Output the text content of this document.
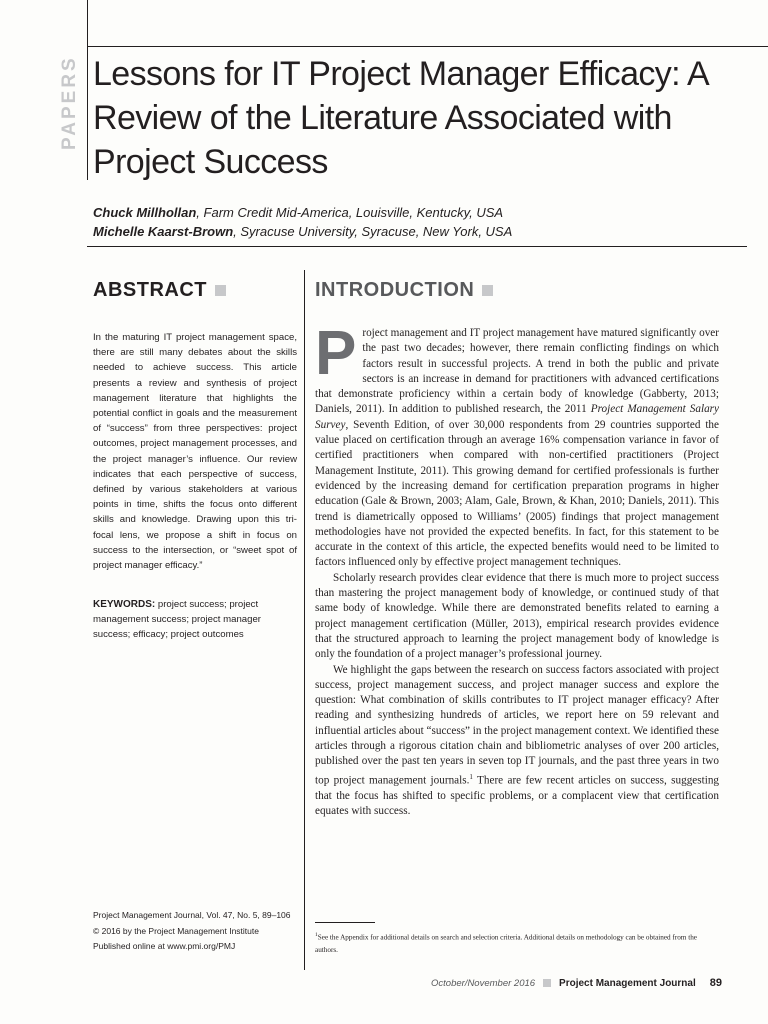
PAPERS Lessons for IT Project Manager Efficacy: A Review of the Literature Associated with Project Success
Chuck Millhollan, Farm Credit Mid-America, Louisville, Kentucky, USA
Michelle Kaarst-Brown, Syracuse University, Syracuse, New York, USA
ABSTRACT

In the maturing IT project management space, there are still many debates about the skills needed to achieve success. This article presents a review and synthesis of project management literature that highlights the potential conflict in goals and the measurement of “success” from three perspectives: project outcomes, project management processes, and the project manager’s influence. Our review indicates that each perspective of success, defined by various stakeholders at various points in time, shifts the focus onto different skills and knowledge. Drawing upon this tri-focal lens, we propose a shift in focus on success to the intersection, or “sweet spot of project manager efficacy.”

KEYWORDS: project success; project management success; project manager success; efficacy; project outcomes

Project Management Journal, Vol. 47, No. 5, 89–106
© 2016 by the Project Management Institute
Published online at www.pmi.org/PMJ
INTRODUCTION

Project management and IT project management have matured significantly over the past two decades; however, there remain conflicting findings on which factors result in successful projects. A trend in both the public and private sectors is an increase in demand for practitioners with advanced certifications that demonstrate proficiency within a certain body of knowledge (Gabberty, 2013; Daniels, 2011). In addition to published research, the 2011 Project Management Salary Survey, Seventh Edition, of over 30,000 respondents from 29 countries supported the value placed on certification through an average 16% compensation variance in favor of certified practitioners when compared with non-certified practitioners (Project Management Institute, 2011). This growing demand for certified professionals is further evidenced by the increasing demand for certification preparation programs in higher education (Gale & Brown, 2003; Alam, Gale, Brown, & Khan, 2010; Daniels, 2011). This trend is diametrically opposed to Williams’ (2005) findings that project management methodologies have not provided the expected benefits. In fact, for this statement to be accurate in the context of this article, the expected benefits would need to be limited to factors influenced only by effective project management techniques.

Scholarly research provides clear evidence that there is much more to project success than mastering the project management body of knowledge, or continued study of that same body of knowledge. While there are demonstrated benefits related to earning a project management certification (Müller, 2013), empirical research provides evidence that the structured approach to learning the project management body of knowledge is only the foundation of a project manager’s professional journey.

We highlight the gaps between the research on success factors associated with project success, project management success, and project manager success and explore the question: What combination of skills contributes to IT project manager efficacy? After reading and synthesizing hundreds of articles, we report here on 59 relevant and influential articles about “success” in the project management context. We identified these articles through a rigorous citation chain and bibliometric analyses of over 200 articles, published over the past ten years in seven top IT journals, and the past three years in two top project management journals.$^1$ There are few recent articles on success, suggesting that the focus has shifted to specific problems, or a complacent view that certification equates with success.

$^1$See the Appendix for additional details on search and selection criteria. Additional details on methodology can be obtained from the authors.

October/November 2016 Project Management Journal 89
